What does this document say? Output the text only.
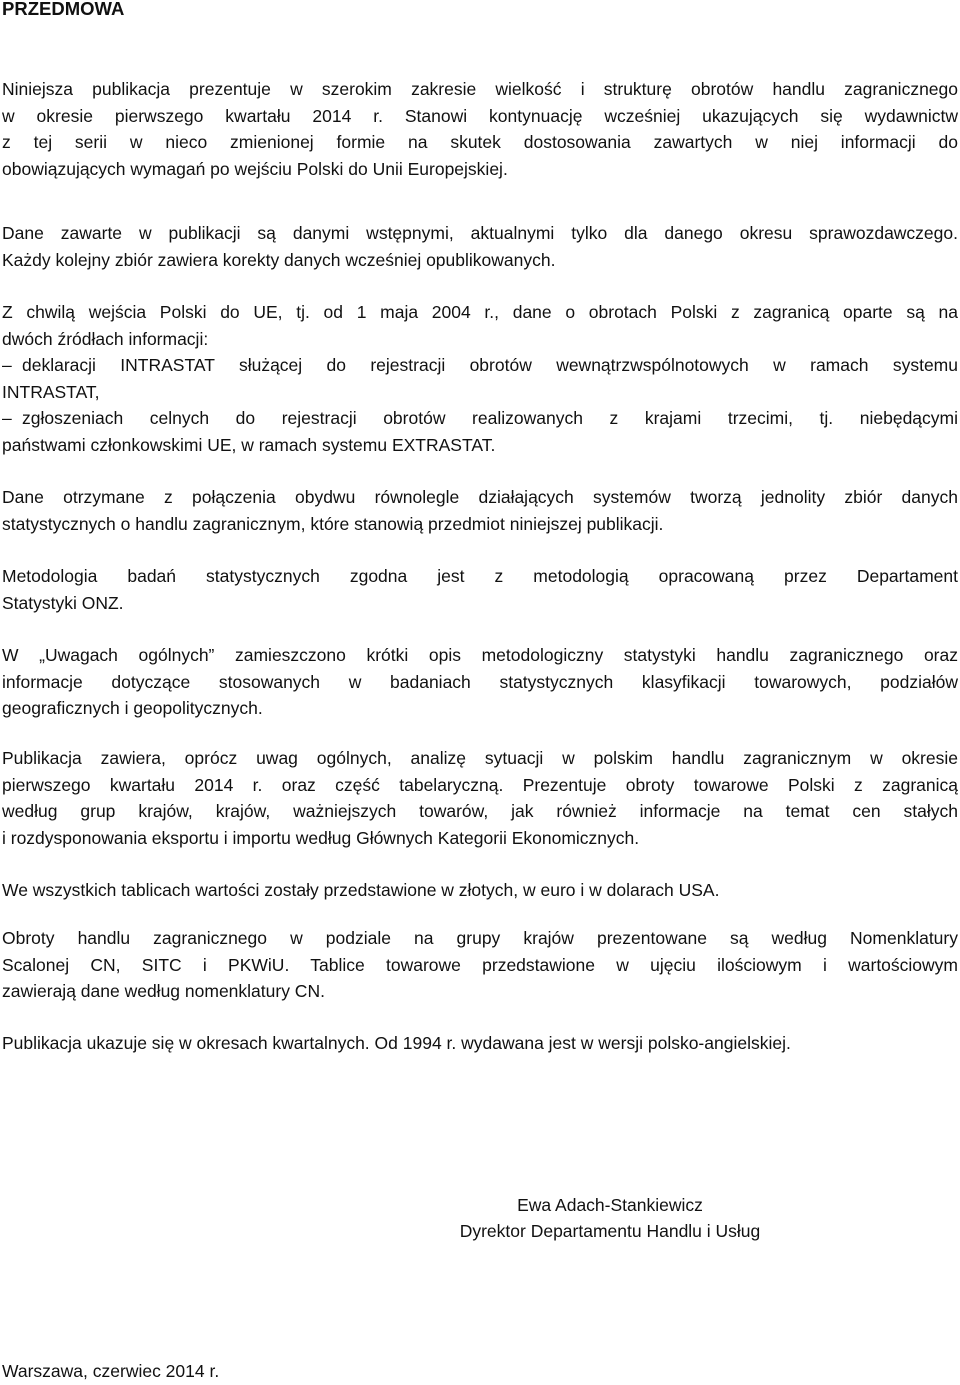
PRZEDMOWA

Niniejsza publikacja prezentuje w szerokim zakresie wielkość i strukturę obrotów handlu zagranicznego
w okresie pierwszego kwartału 2014 r. Stanowi kontynuację wcześniej ukazujących się wydawnictw
z tej serii w nieco zmienionej formie na skutek dostosowania zawartych w niej informacji do
obowiązujących wymagań po wejściu Polski do Unii Europejskiej.

Dane zawarte w publikacji są danymi wstępnymi, aktualnymi tylko dla danego okresu sprawozdawczego.
Każdy kolejny zbiór zawiera korekty danych wcześniej opublikowanych.

Z chwilą wejścia Polski do UE, tj. od 1 maja 2004 r., dane o obrotach Polski z zagranicą oparte są na
dwóch źródłach informacji:
– deklaracji INTRASTAT służącej do rejestracji obrotów wewnątrzwspólnotowych w ramach systemu
INTRASTAT,
– zgłoszeniach celnych do rejestracji obrotów realizowanych z krajami trzecimi, tj. niebędącymi
państwami członkowskimi UE, w ramach systemu EXTRASTAT.

Dane otrzymane z połączenia obydwu równolegle działających systemów tworzą jednolity zbiór danych
statystycznych o handlu zagranicznym, które stanowią przedmiot niniejszej publikacji.

Metodologia badań statystycznych zgodna jest z metodologią opracowaną przez Departament
Statystyki ONZ.

W „Uwagach ogólnych” zamieszczono krótki opis metodologiczny statystyki handlu zagranicznego oraz
informacje dotyczące stosowanych w badaniach statystycznych klasyfikacji towarowych, podziałów
geograficznych i geopolitycznych.

Publikacja zawiera, oprócz uwag ogólnych, analizę sytuacji w polskim handlu zagranicznym w okresie
pierwszego kwartału 2014 r. oraz część tabelaryczną. Prezentuje obroty towarowe Polski z zagranicą
według grup krajów, krajów, ważniejszych towarów, jak również informacje na temat cen stałych
i rozdysponowania eksportu i importu według Głównych Kategorii Ekonomicznych.

We wszystkich tablicach wartości zostały przedstawione w złotych, w euro i w dolarach USA.

Obroty handlu zagranicznego w podziale na grupy krajów prezentowane są według Nomenklatury
Scalonej CN, SITC i PKWiU. Tablice towarowe przedstawione w ujęciu ilościowym i wartościowym
zawierają dane według nomenklatury CN.

Publikacja ukazuje się w okresach kwartalnych. Od 1994 r. wydawana jest w wersji polsko-angielskiej.

Ewa Adach-Stankiewicz
Dyrektor Departamentu Handlu i Usług
Warszawa, czerwiec 2014 r.
